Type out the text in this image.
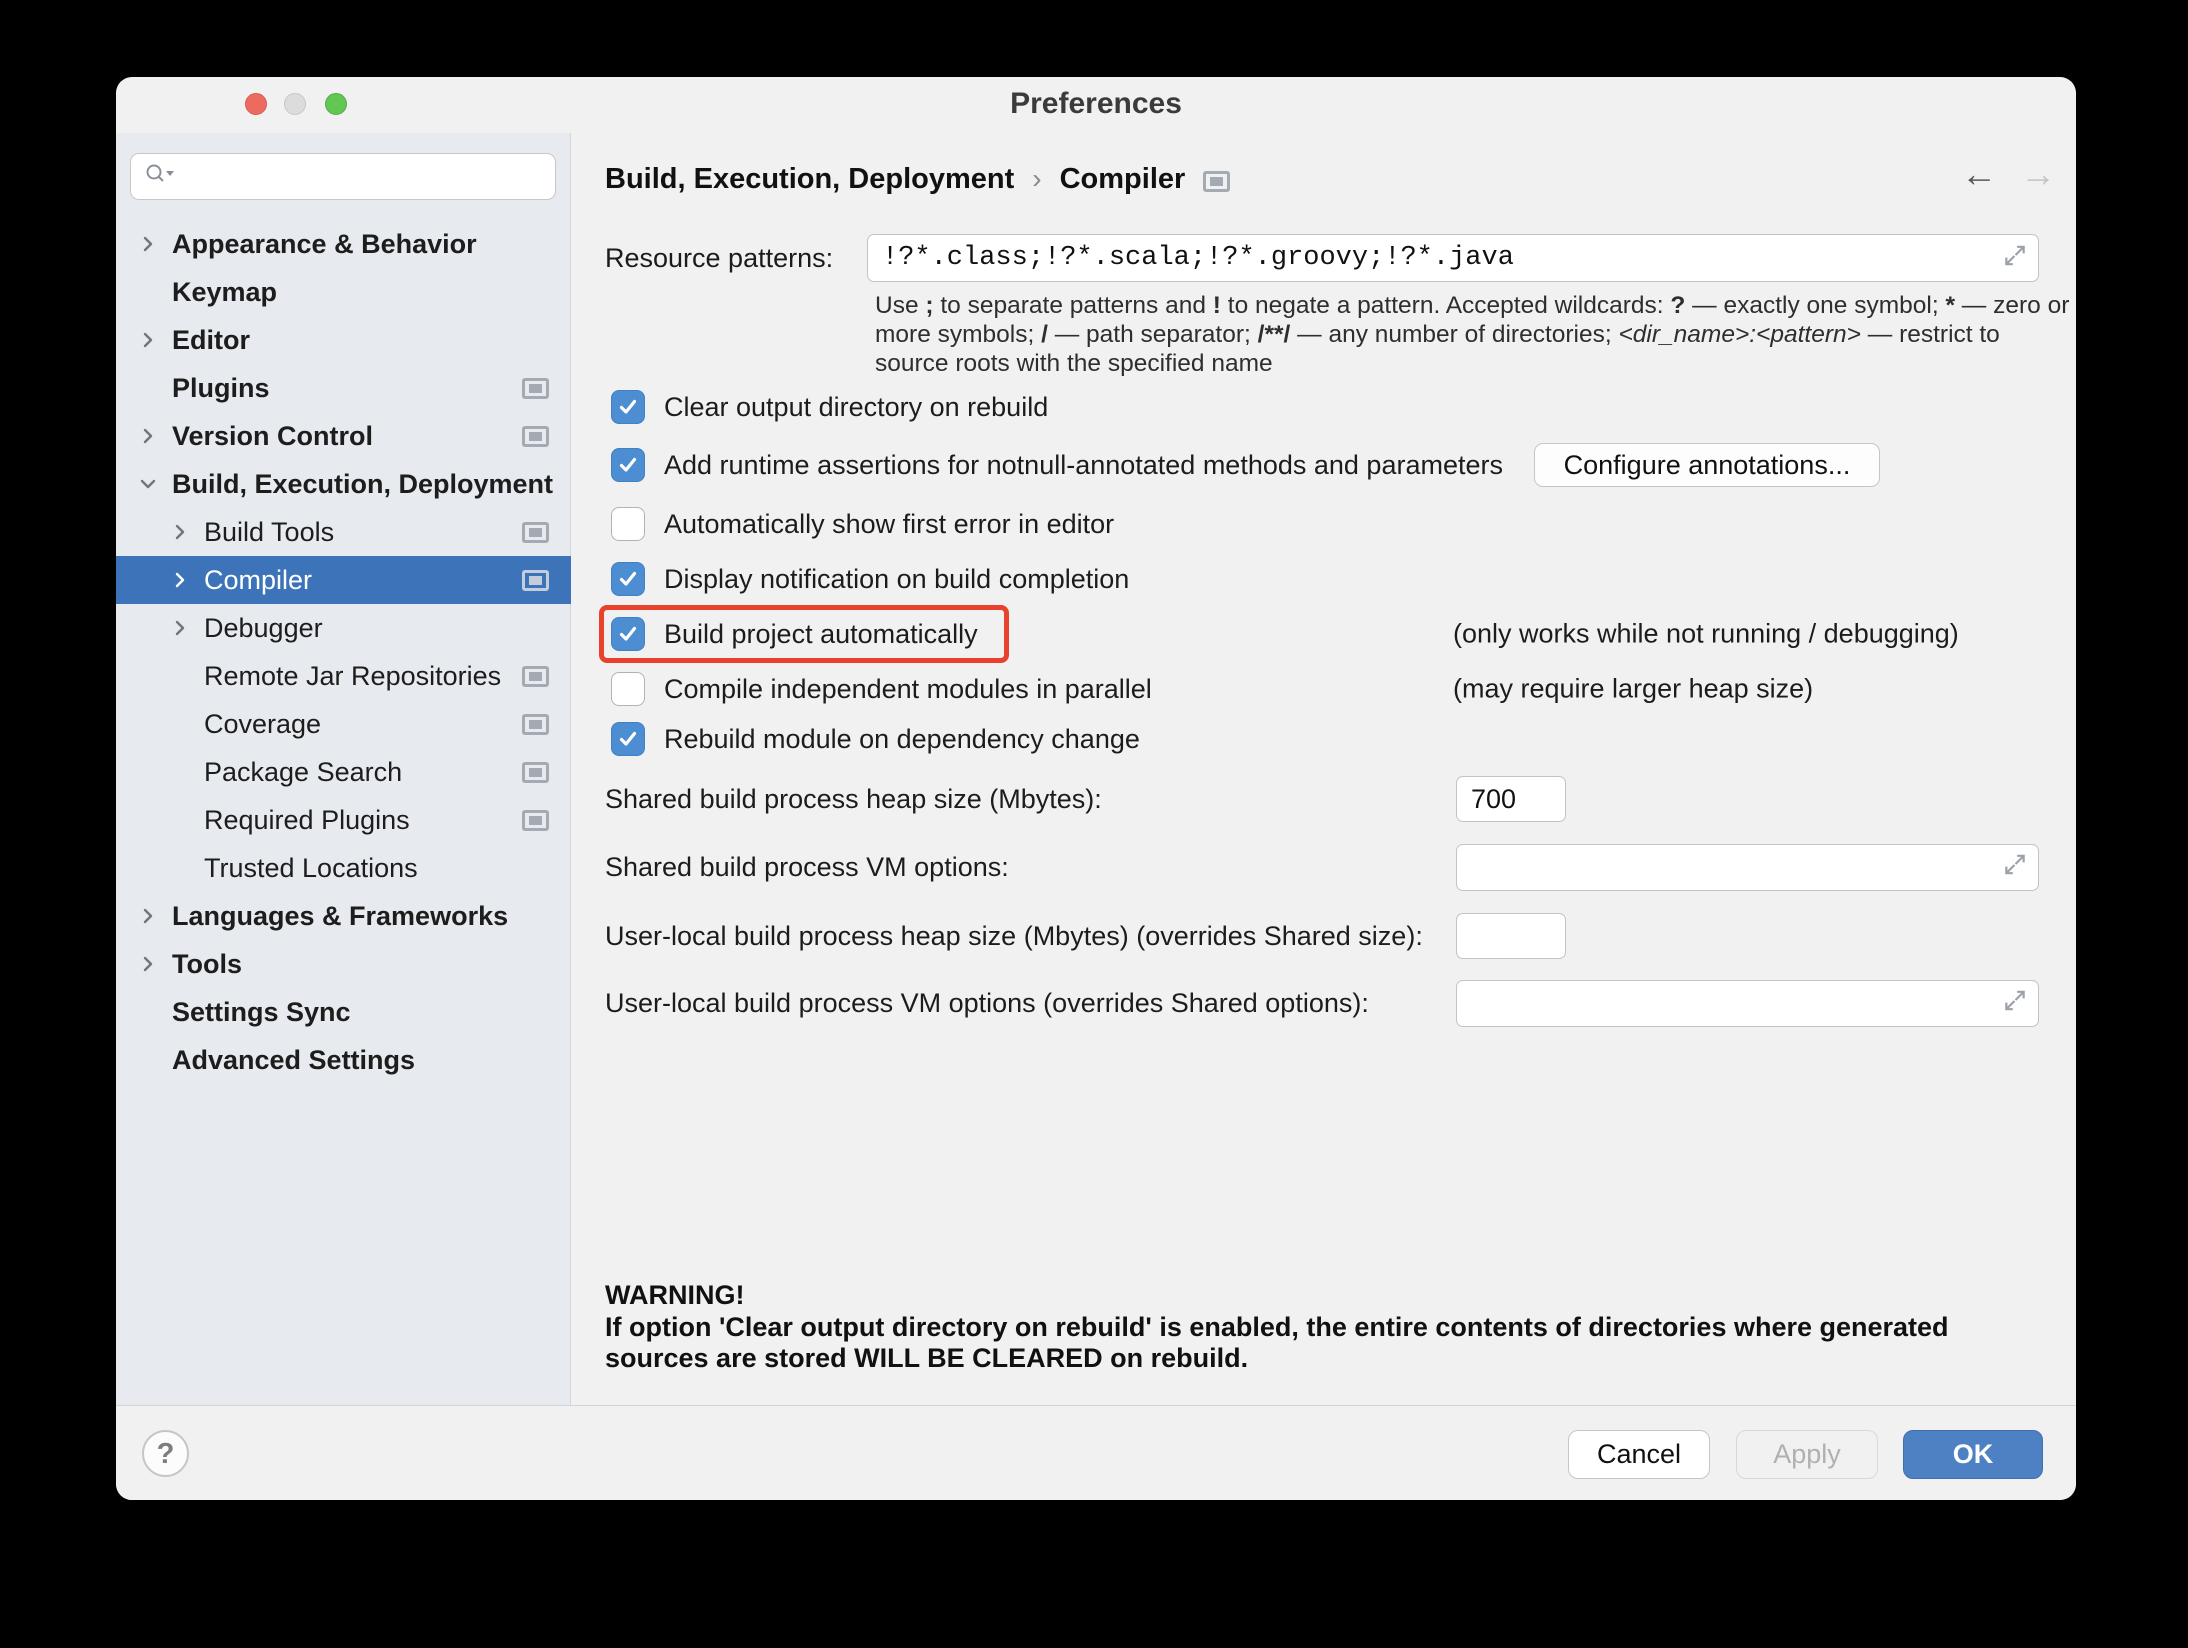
Preferences
Appearance & Behavior
Keymap
Editor
Plugins
Version Control
Build, Execution, Deployment
Build Tools
Compiler
Debugger
Remote Jar Repositories
Coverage
Package Search
Required Plugins
Trusted Locations
Languages & Frameworks
Tools
Settings Sync
Advanced Settings
Build, Execution, Deployment › Compiler	← →
Resource patterns: !?*.class;!?*.scala;!?*.groovy;!?*.java
Use ; to separate patterns and ! to negate a pattern. Accepted wildcards: ? — exactly one symbol; * — zero or
more symbols; / — path separator; /**/ — any number of directories; <dir_name>:<pattern> — restrict to
source roots with the specified name
Clear output directory on rebuild
Add runtime assertions for notnull-annotated methods and parameters	Configure annotations...
Automatically show first error in editor
Display notification on build completion
Build project automatically	(only works while not running / debugging)
Compile independent modules in parallel	(may require larger heap size)
Rebuild module on dependency change
Shared build process heap size (Mbytes):	700
Shared build process VM options:
User-local build process heap size (Mbytes) (overrides Shared size):
User-local build process VM options (overrides Shared options):
WARNING!
If option 'Clear output directory on rebuild' is enabled, the entire contents of directories where generated
sources are stored WILL BE CLEARED on rebuild.
?	Cancel	Apply	OK
